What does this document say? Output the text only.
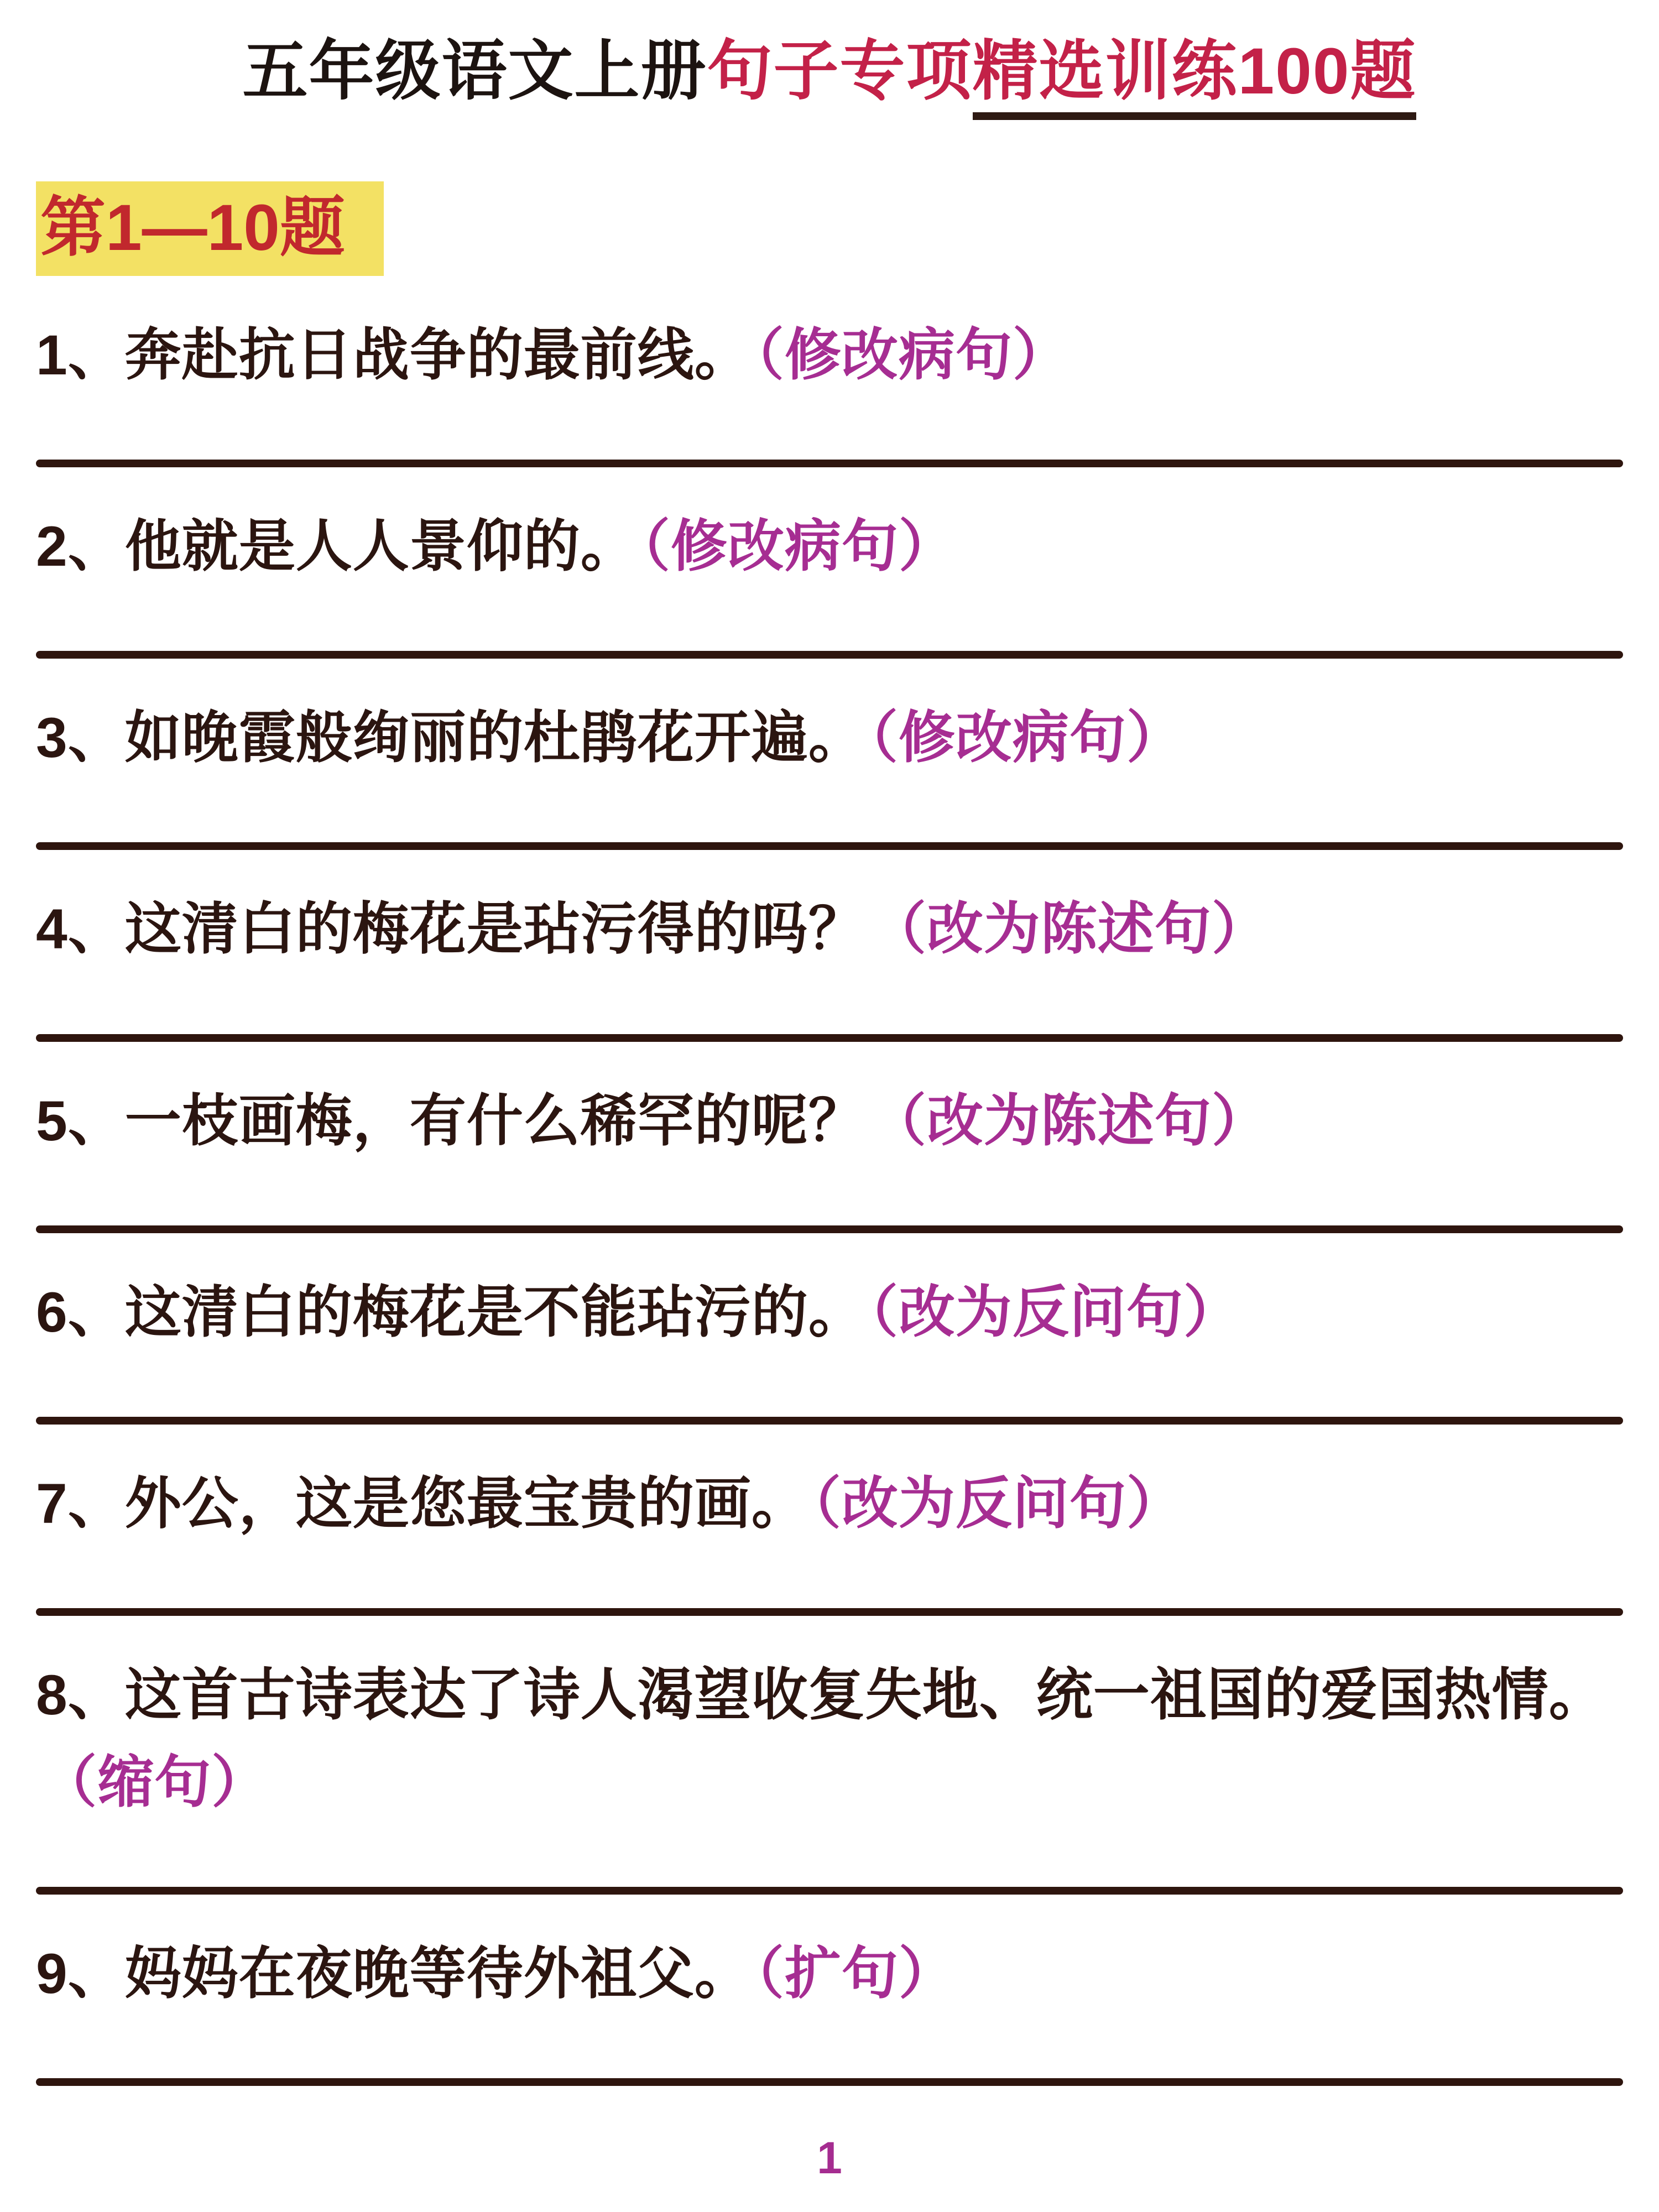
五年级语文上册句子专项精选训练100题
第1—10题
1、奔赴抗日战争的最前线。（修改病句）
2、他就是人人景仰的。（修改病句）
3、如晚霞般绚丽的杜鹃花开遍。（修改病句）
4、这清白的梅花是玷污得的吗？（改为陈述句）
5、一枝画梅，有什么稀罕的呢？（改为陈述句）
6、这清白的梅花是不能玷污的。（改为反问句）
7、外公，这是您最宝贵的画。（改为反问句）
8、这首古诗表达了诗人渴望收复失地、统一祖国的爱国热情。（缩句）
9、妈妈在夜晚等待外祖父。（扩句）
1
